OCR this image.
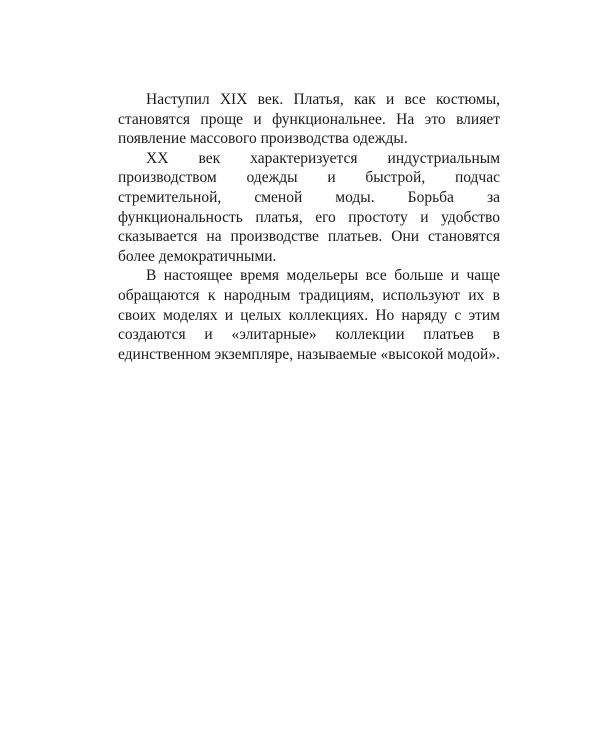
Наступил XIX век. Платья, как и все костюмы, становятся проще и функциональнее. На это влияет появление массового производства одежды.

XX век характеризуется индустриальным производством одежды и быстрой, подчас стремительной, сменой моды. Борьба за функциональность платья, его простоту и удобство сказывается на производстве платьев. Они становятся более демократичными.

В настоящее время модельеры все больше и чаще обращаются к народным традициям, используют их в своих моделях и целых коллекциях. Но наряду с этим создаются и «элитарные» коллекции платьев в единственном экземпляре, называемые «высокой модой».
